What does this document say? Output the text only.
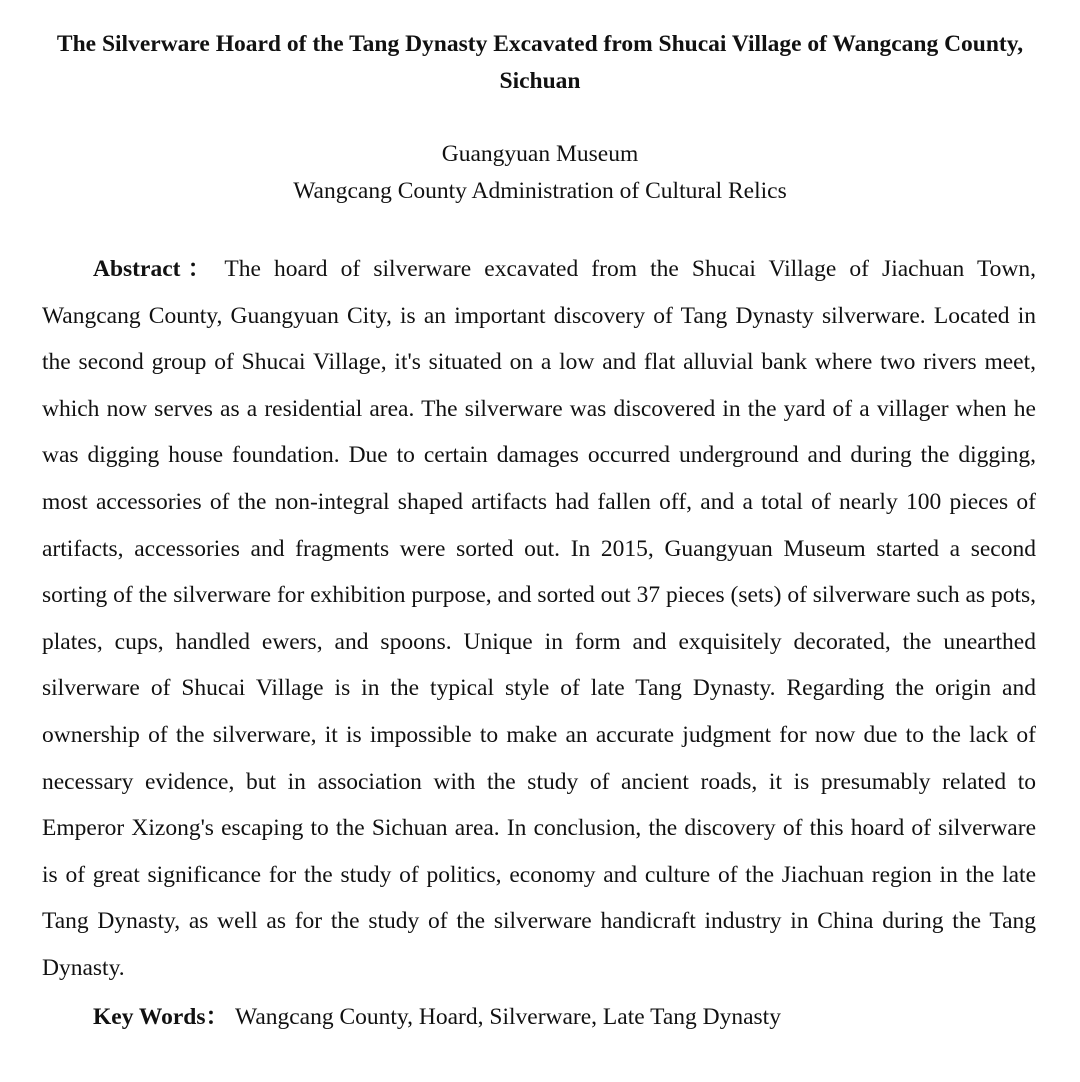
The Silverware Hoard of the Tang Dynasty Excavated from Shucai Village of Wangcang County, Sichuan
Guangyuan Museum
Wangcang County Administration of Cultural Relics

Abstract： The hoard of silverware excavated from the Shucai Village of Jiachuan Town, Wangcang County, Guangyuan City, is an important discovery of Tang Dynasty silverware. Located in the second group of Shucai Village, it's situated on a low and flat alluvial bank where two rivers meet, which now serves as a residential area. The silverware was discovered in the yard of a villager when he was digging house foundation. Due to certain damages occurred underground and during the digging, most accessories of the non-integral shaped artifacts had fallen off, and a total of nearly 100 pieces of artifacts, accessories and fragments were sorted out. In 2015, Guangyuan Museum started a second sorting of the silverware for exhibition purpose, and sorted out 37 pieces (sets) of silverware such as pots, plates, cups, handled ewers, and spoons. Unique in form and exquisitely decorated, the unearthed silverware of Shucai Village is in the typical style of late Tang Dynasty. Regarding the origin and ownership of the silverware, it is impossible to make an accurate judgment for now due to the lack of necessary evidence, but in association with the study of ancient roads, it is presumably related to Emperor Xizong's escaping to the Sichuan area. In conclusion, the discovery of this hoard of silverware is of great significance for the study of politics, economy and culture of the Jiachuan region in the late Tang Dynasty, as well as for the study of the silverware handicraft industry in China during the Tang Dynasty.

Key Words： Wangcang County, Hoard, Silverware, Late Tang Dynasty
